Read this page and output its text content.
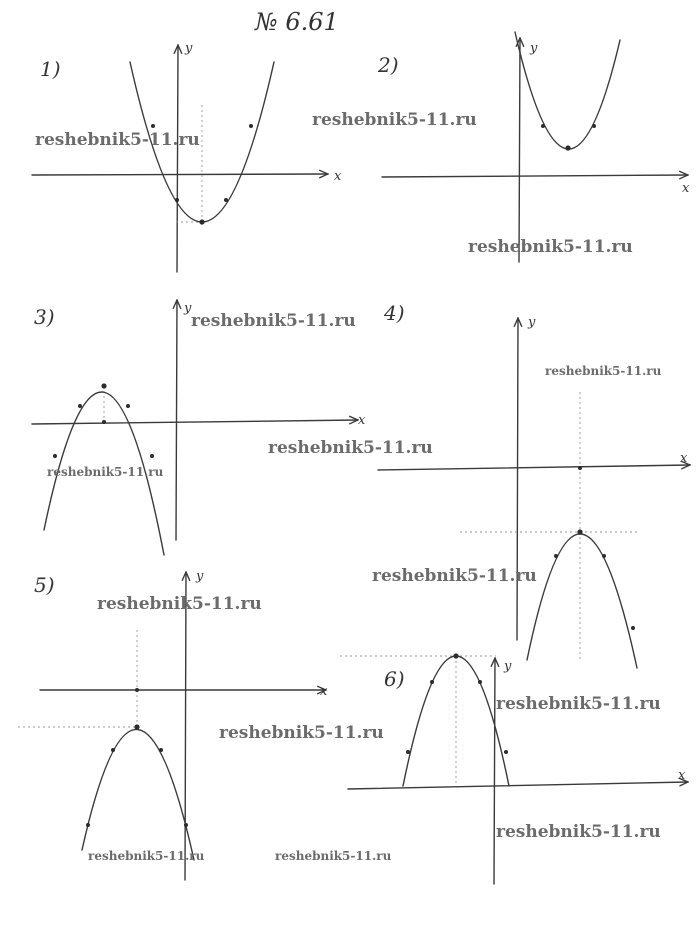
№ 6.61
1)
x
y
2)
x
y
3)
x
y	4)
x
y
5)
x
y
6)
x
y
reshebnik5-11.ru
reshebnik5-11.ru
reshebnik5-11.ru
reshebnik5-11.ru
reshebnik5-11.ru
reshebnik5-11.ru
reshebnik5-11.ru
reshebnik5-11.ru
reshebnik5-11.ru
reshebnik5-11.ru
reshebnik5-11.ru
reshebnik5-11.ru
reshebnik5-11.ru	reshebnik5-11.ru
